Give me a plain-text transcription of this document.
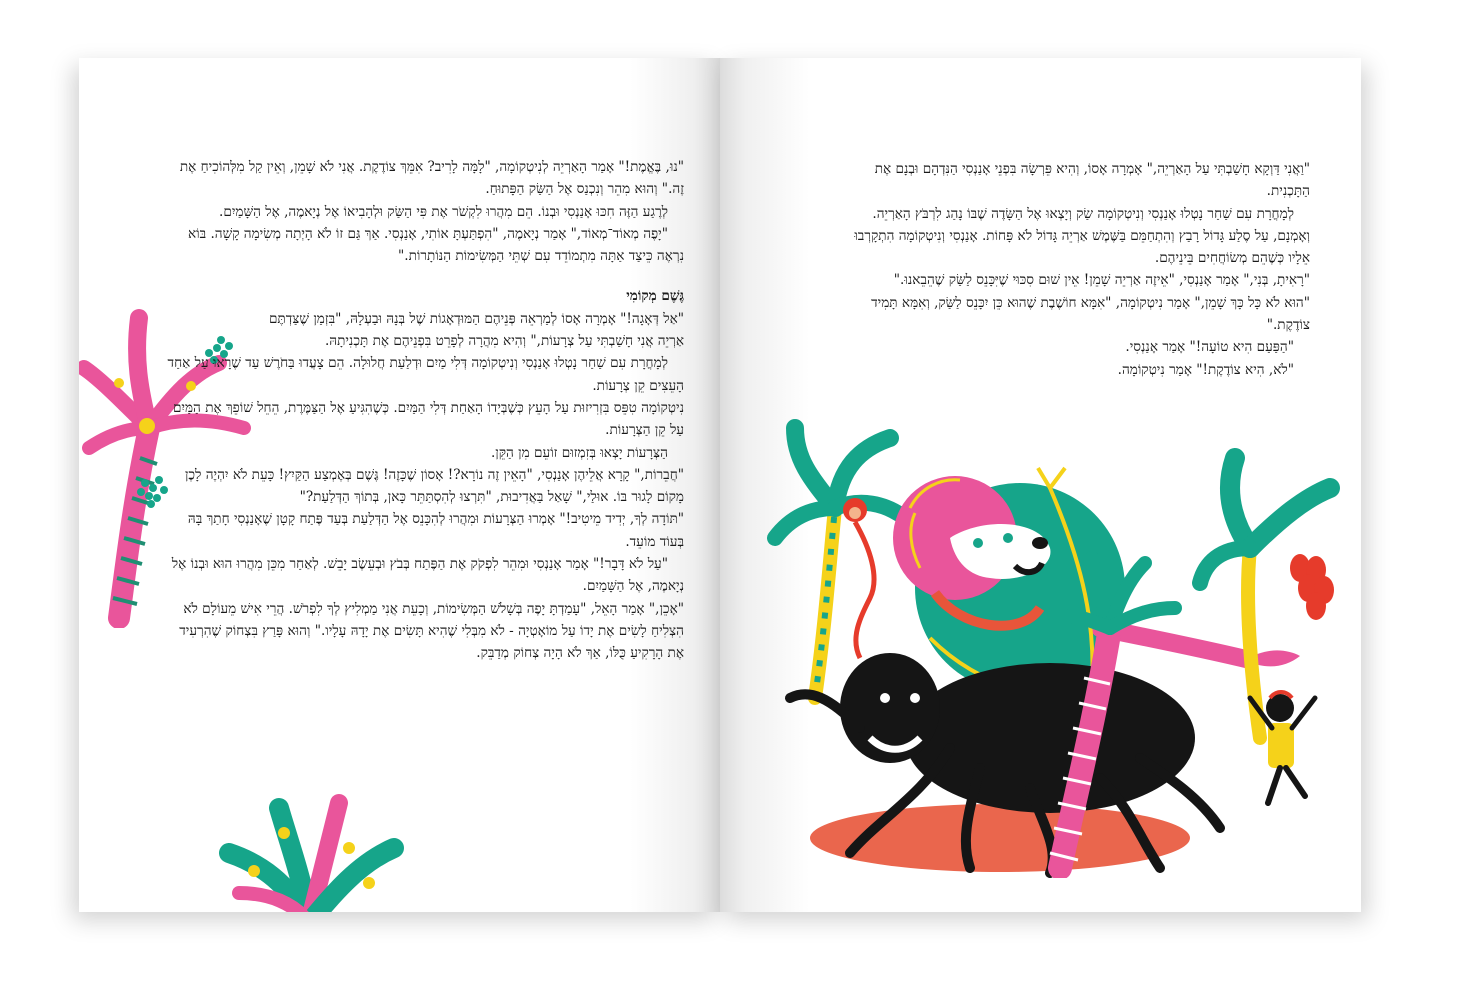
"נוּ, בֶּאֱמֶת!" אָמַר הָאַרְיֵה לְנִיטְקוֹמָה, "לָמָּה לָרִיב? אִמֵּךְ צוֹדֶקֶת. אֲנִי לֹא שָׁמֵן, וְאֵין קַל מִלְּהוֹכִיחַ אֶת זֶה." וְהוּא מִהֵר וְנִכְנַס אֶל הַשַּׂק הַפָּתוּחַ.

לְרֶגַע הַזֶּה חִכּוּ אָנַנְסִי וּבְנוֹ. הֵם מִהֲרוּ לִקְשֹׁר אֶת פִּי הַשַּׂק וּלְהָבִיאוֹ אֶל נְיָאמֶה, אֶל הַשָּׁמַיִם.

"יָפֶה מְאוֹד־מְאוֹד," אָמַר נְיָאמֶה, "הִפְתַּעְתָּ אוֹתִי, אָנַנְסִי. אַךְ גַּם זוֹ לֹא הָיְתָה מְשִׂימָה קָשָׁה. בּוֹא נִרְאֶה כֵּיצַד אַתָּה מִתְמוֹדֵד עִם שְׁתֵּי הַמְּשִׂימוֹת הַנּוֹתָרוֹת."

גֶּשֶׁם מְקוֹמִי

"אַל דְּאָגָה!" אָמְרָה אָסוֹ לְמַרְאֵה פְּנֵיהֶם הַמּוּדְאָגוֹת שֶׁל בְּנָהּ וּבַעְלָהּ, "בִּזְמַן שֶׁצַּדְתֶּם אַרְיֵה אֲנִי חָשַׁבְתִּי עַל צְרָעוֹת," וְהִיא מִהֲרָה לְפָרֵט בִּפְנֵיהֶם אֶת תָּכְנִיתָהּ.

לְמָחֳרָת עִם שַׁחַר נָטְלוּ אָנַנְסִי וְנִיטְקוֹמָה דְּלִי מַיִם וּדְלַעַת חֲלוּלָה. הֵם צָעֲדוּ בַּחֹרֶשׁ עַד שֶׁרָאוּ עַל אַחַד הָעֵצִים קֵן צְרָעוֹת.

נִיטְקוֹמָה טִפֵּס בִּזְרִיזוּת עַל הָעֵץ כְּשֶׁבְּיָדוֹ הָאַחַת דְּלִי הַמַּיִם. כְּשֶׁהִגִּיעַ אֶל הַצַּמֶּרֶת, הֵחֵל שׁוֹפֵךְ אֶת הַמַּיִם עַל קֵן הַצְּרָעוֹת.

הַצְּרָעוֹת יָצְאוּ בְּזִמְזוּם זוֹעֵם מִן הַקֵּן.

"חֲבֵרוֹת," קָרָא אֲלֵיהֶן אָנַנְסִי, "הָאֵין זֶה נוֹרָא?! אָסוֹן שֶׁכָּזֶה! גֶּשֶׁם בְּאֶמְצַע הַקַּיִץ! כָּעֵת לֹא יִהְיֶה לָכֶן מָקוֹם לָגוּר בּוֹ. אוּלַי," שָׁאַל בַּאֲדִיבוּת, "תִּרְצוּ לְהִסְתַּתֵּר כָּאן, בְּתוֹךְ הַדְּלַעַת?"

"תּוֹדָה לְךָ, יְדִיד מֵיטִיב!" אָמְרוּ הַצְּרָעוֹת וּמִהֲרוּ לְהִכָּנֵס אֶל הַדְּלַעַת בְּעַד פֶּתַח קָטָן שֶׁאָנַנְסִי חָתַךְ בָּהּ בְּעוֹד מוֹעֵד.

"עַל לֹא דָּבָר!" אָמַר אָנַנְסִי וּמִהֵר לִפְקֹק אֶת הַפֶּתַח בְּבֹץ וּבְעֵשֶׂב יָבֵשׁ. לְאַחַר מִכֵּן מִהֲרוּ הוּא וּבְנוֹ אֶל נְיָאמֶה, אֶל הַשָּׁמַיִם.

"אָכֵן," אָמַר הָאֵל, "עָמַדְתָּ יָפֶה בְּשָׁלֹשׁ הַמְּשִׂימוֹת, וְכָעֵת אֲנִי מַמְלִיץ לְךָ לִפְרֹשׁ. הֲרֵי אִישׁ מֵעוֹלָם לֹא הִצְלִיחַ לָשִׂים אֶת יָדוֹ עַל מוֹאָטְיָה - לֹא מִבְּלִי שֶׁהִיא תָּשִׂים אֶת יָדָהּ עָלָיו." וְהוּא פָּרַץ בִּצְחוֹק שֶׁהִרְעִיד אֶת הָרָקִיעַ כֻּלּוֹ, אַךְ לֹא הָיָה צְחוֹק מְדַבֵּק.

"וַאֲנִי דַּוְקָא חָשַׁבְתִּי עַל הָאַרְיֵה," אָמְרָה אָסוֹ, וְהִיא פֵּרְשָׂה בִּפְנֵי אָנַנְסִי הַנִּדְהָם וּבְנָם אֶת הַתָּכְנִית.

לְמָחֳרָת עִם שַׁחַר נָטְלוּ אָנַנְסִי וְנִיטְקוֹמָה שַׂק וְיָצְאוּ אֶל הַשָּׂדֶה שֶׁבּוֹ נָהַג לִרְבֹּץ הָאַרְיֵה. וְאָמְנָם, עַל סֶלַע גָּדוֹל רָבַץ וְהִתְחַמֵּם בַּשֶּׁמֶשׁ אַרְיֵה גָּדוֹל לֹא פָּחוֹת. אָנַנְסִי וְנִיטְקוֹמָה הִתְקָרְבוּ אֵלָיו כְּשֶׁהֵם מְשׂוֹחֲחִים בֵּינֵיהֶם.

"רָאִיתָ, בְּנִי," אָמַר אָנַנְסִי, "אֵיזֶה אַרְיֵה שָׁמֵן! אֵין שׁוּם סִכּוּי שֶׁיִּכָּנֵס לַשַּׂק שֶׁהֵבֵאנוּ."

"הוּא לֹא כָּל כָּךְ שָׁמֵן," אָמַר נִיטְקוֹמָה, "אִמָּא חוֹשֶׁבֶת שֶׁהוּא כֵּן יִכָּנֵס לַשַּׂק, וְאִמָּא תָּמִיד צוֹדֶקֶת."

"הַפַּעַם הִיא טוֹעָה!" אָמַר אָנַנְסִי.

"לֹא, הִיא צוֹדֶקֶת!" אָמַר נִיטְקוֹמָה.
